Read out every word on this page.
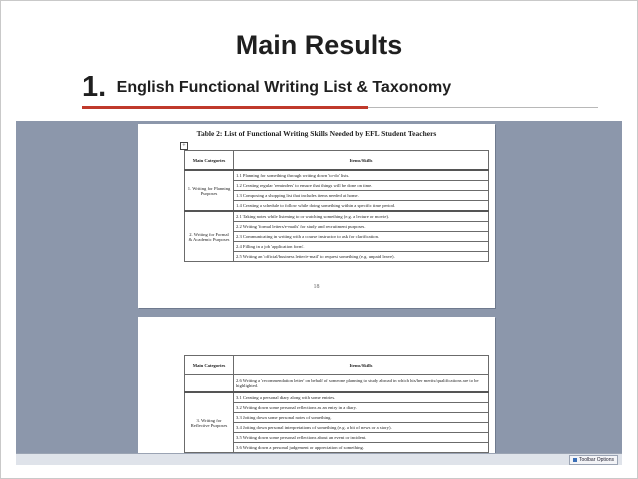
Main Results
1. English Functional Writing List & Taxonomy
Table 2: List of Functional Writing Skills Needed by EFL Student Teachers
+
Main Categories	Items/Skills
1. Writing for Planning Purposes	1.1 Planning for something through writing down 'to-do' lists.
	1.2 Creating regular 'reminders' to ensure that things will be done on time.
	1.3 Composing a shopping list that includes items needed at home.
	1.4 Creating a schedule to follow while doing something within a specific time period.
2. Writing for Formal & Academic Purposes	2.1 Taking notes while listening to or watching something (e.g. a lecture or movie).
	2.2 Writing 'formal letters/e-mails' for study and recruitment purposes.
	2.3 Communicating in writing with a course instructor to ask for clarification.
	2.4 Filling in a job 'application form'.
	2.5 Writing an 'official/business letter/e-mail' to request something (e.g. unpaid leave).
18
Main Categories	Items/Skills
	2.6 Writing a 'recommendation letter' on behalf of someone planning to study abroad in which his/her merits/qualifications are to be highlighted.
3. Writing for Reflective Purposes	3.1 Creating a personal diary along with some entries.
	3.2 Writing down some personal reflections as an entry in a diary.
	3.3 Jotting down some personal notes of something.
	3.4 Jotting down personal interpretations of something (e.g. a bit of news or a story).
	3.5 Writing down some personal reflections about an event or incident.
	3.6 Writing down a personal judgement or appreciation of something.
Toolbar Options
